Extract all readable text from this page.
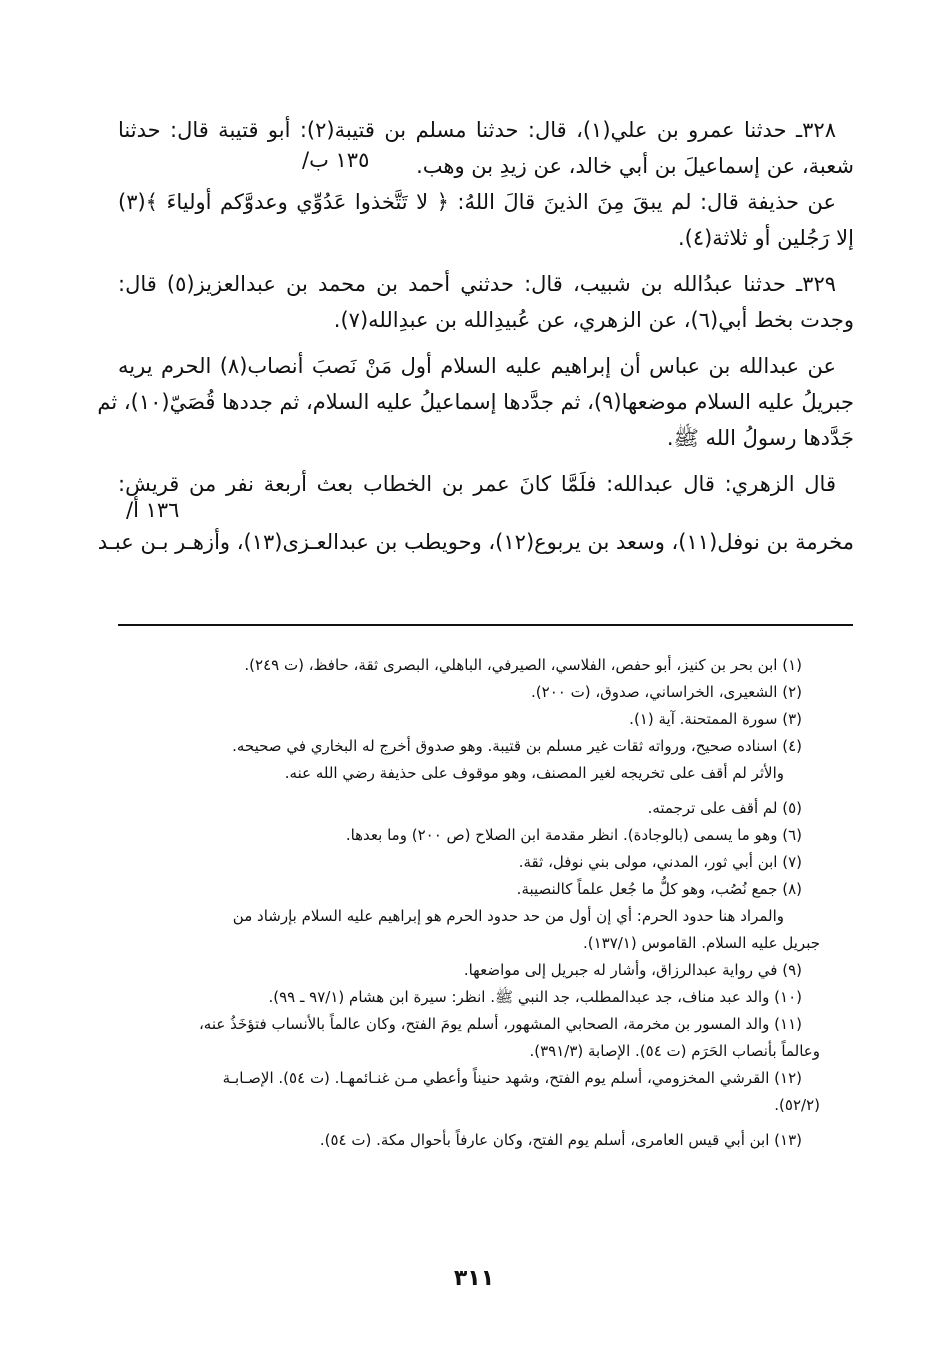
٣٢٨ـ حدثنا عمرو بن علي(١)، قال: حدثنا مسلم بن قتيبة(٢): أبو قتيبة قال: حدثنا
شعبة، عن إسماعيلَ بن أبي خالد، عن زيدِ بن وهب.
/١٣٥ ب
عن حذيفة قال: لم يبقَ مِنَ الذينَ قالَ اللهُ: ﴿ لا تَتَّخذوا عَدُوِّي وعدوَّكم أولياءَ ﴾(٣)
إلا رَجُلين أو ثلاثة(٤).
٣٢٩ـ حدثنا عبدُالله بن شبيب، قال: حدثني أحمد بن محمد بن عبدالعزيز(٥) قال:
وجدت بخط أبي(٦)، عن الزهري، عن عُبيدِالله بن عبدِالله(٧).
عن عبدالله بن عباس أن إبراهيم عليه السلام أول مَنْ نَصبَ أنصاب(٨) الحرم يريه
جبريلُ عليه السلام موضعها(٩)، ثم جدَّدها إسماعيلُ عليه السلام، ثم جددها قُصَيّ(١٠)، ثم
جَدَّدها رسولُ الله ﷺ.
قال الزهري: قال عبدالله: فلَمَّا كانَ عمر بن الخطاب بعث أربعة نفر من قريش:
/١٣٦ أ
مخرمة بن نوفل(١١)، وسعد بن يربوع(١٢)، وحويطب بن عبدالعـزى(١٣)، وأزهـر بـن عبـد
(١) ابن بحر بن كنيز، أبو حفص، الفلاسي، الصيرفي، الباهلي، البصرى ثقة، حافظ، (ت ٢٤٩).
(٢) الشعيرى، الخراساني، صدوق، (ت ٢٠٠).
(٣) سورة الممتحنة. آية (١).
(٤) اسناده صحيح، ورواته ثقات غير مسلم بن قتيبة. وهو صدوق أخرج له البخاري في صحيحه.
والأثر لم أقف على تخريجه لغير المصنف، وهو موقوف على حذيفة رضي الله عنه.
(٥) لم أقف على ترجمته.
(٦) وهو ما يسمى (بالوجادة). انظر مقدمة ابن الصلاح (ص ٢٠٠) وما بعدها.
(٧) ابن أبي ثور، المدني، مولى بني نوفل، ثقة.
(٨) جمع نُصُب، وهو كلُّ ما جُعل علماً كالنصيبة.
والمراد هنا حدود الحرم: أي إن أول من حد حدود الحرم هو إبراهيم عليه السلام بإرشاد من
جبريل عليه السلام. القاموس (١٣٧/١).
(٩) في رواية عبدالرزاق، وأشار له جبريل إلى مواضعها.
(١٠) والد عبد مناف، جد عبدالمطلب، جد النبي ﷺ. انظر: سيرة ابن هشام (٩٧/١ ـ ٩٩).
(١١) والد المسور بن مخرمة، الصحابي المشهور، أسلم يومَ الفتح، وكان عالماً بالأنساب فتؤخَذُ عنه،
وعالماً بأنصاب الحَرَم (ت ٥٤). الإصابة (٣٩١/٣).
(١٢) القرشي المخزومي، أسلم يوم الفتح، وشهد حنيناً وأعطي مـن غنـائمهـا. (ت ٥٤). الإصـابـة
(٥٢/٢).
(١٣) ابن أبي قيس العامرى، أسلم يوم الفتح، وكان عارفاً بأحوال مكة. (ت ٥٤).
٣١١
